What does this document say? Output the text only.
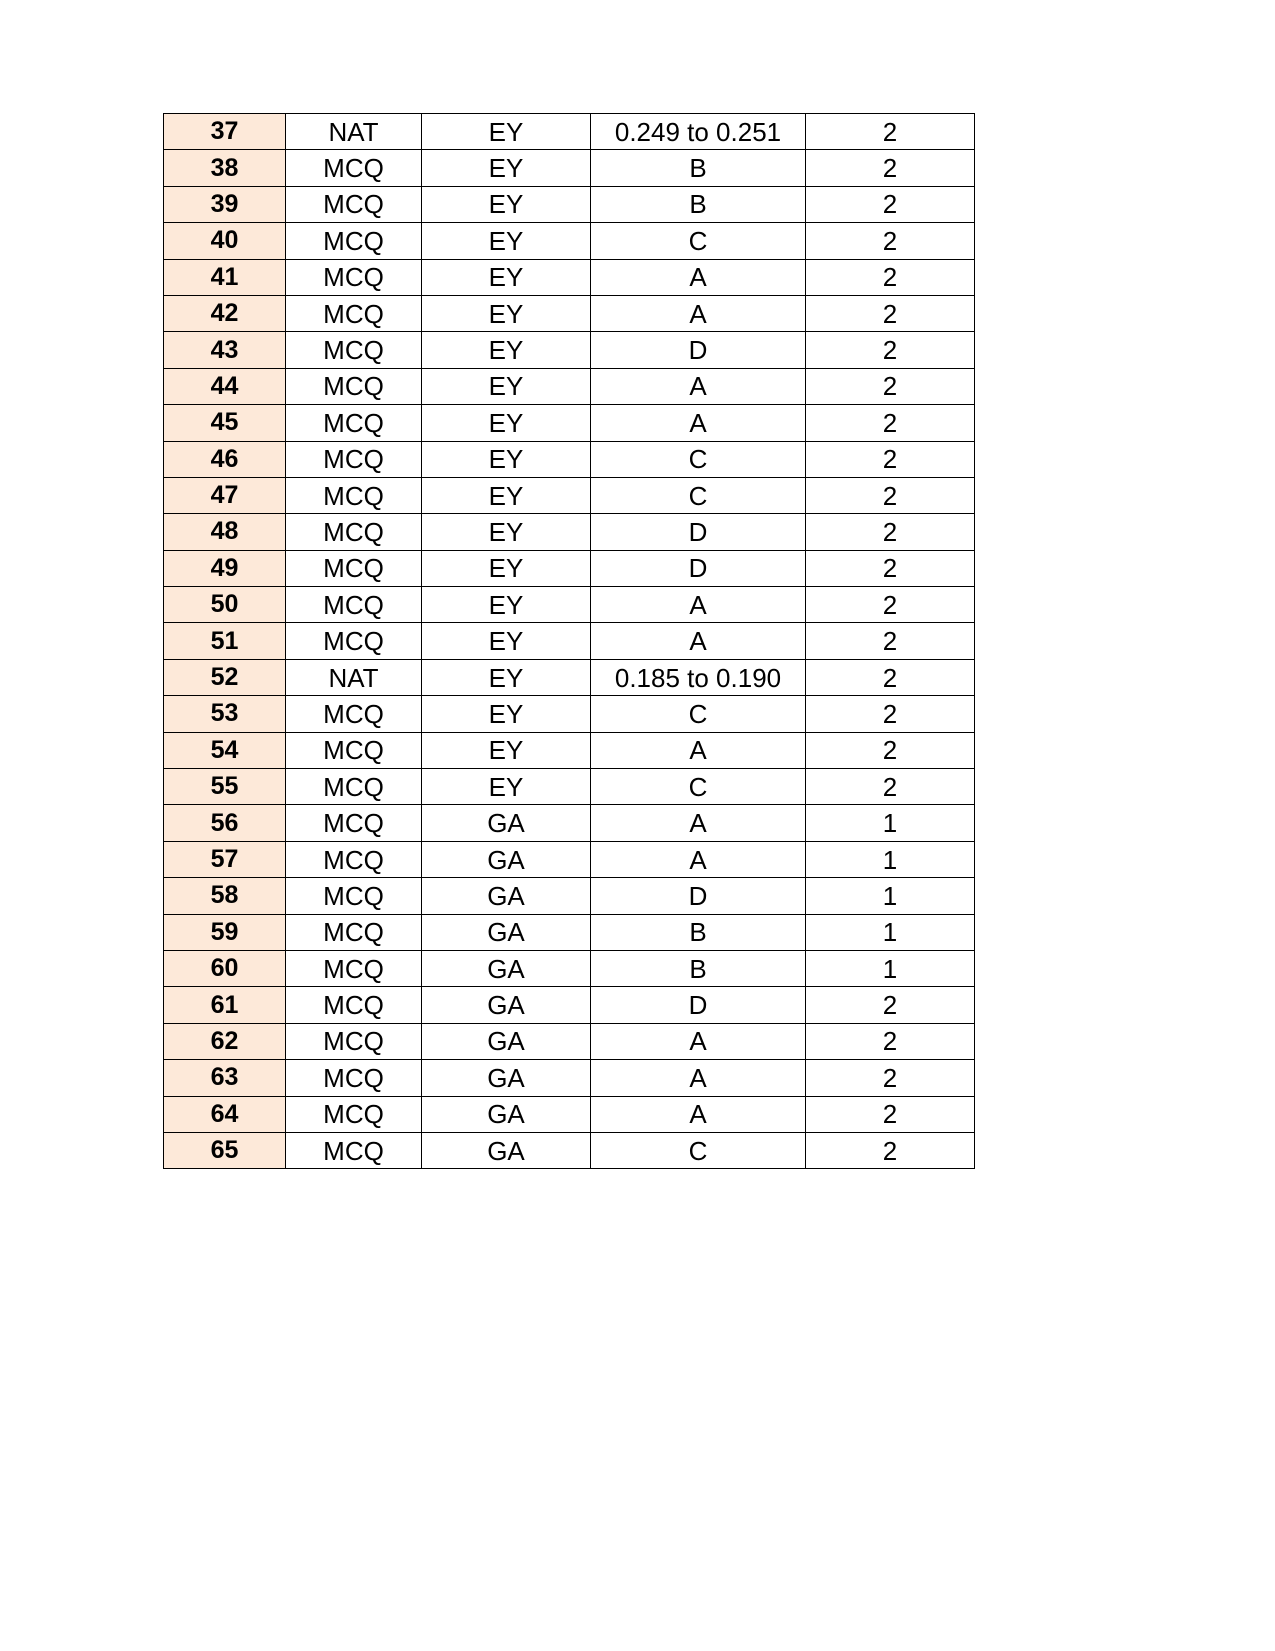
37	NAT	EY	0.249 to 0.251	2
38	MCQ	EY	B	2
39	MCQ	EY	B	2
40	MCQ	EY	C	2
41	MCQ	EY	A	2
42	MCQ	EY	A	2
43	MCQ	EY	D	2
44	MCQ	EY	A	2
45	MCQ	EY	A	2
46	MCQ	EY	C	2
47	MCQ	EY	C	2
48	MCQ	EY	D	2
49	MCQ	EY	D	2
50	MCQ	EY	A	2
51	MCQ	EY	A	2
52	NAT	EY	0.185 to 0.190	2
53	MCQ	EY	C	2
54	MCQ	EY	A	2
55	MCQ	EY	C	2
56	MCQ	GA	A	1
57	MCQ	GA	A	1
58	MCQ	GA	D	1
59	MCQ	GA	B	1
60	MCQ	GA	B	1
61	MCQ	GA	D	2
62	MCQ	GA	A	2
63	MCQ	GA	A	2
64	MCQ	GA	A	2
65	MCQ	GA	C	2
